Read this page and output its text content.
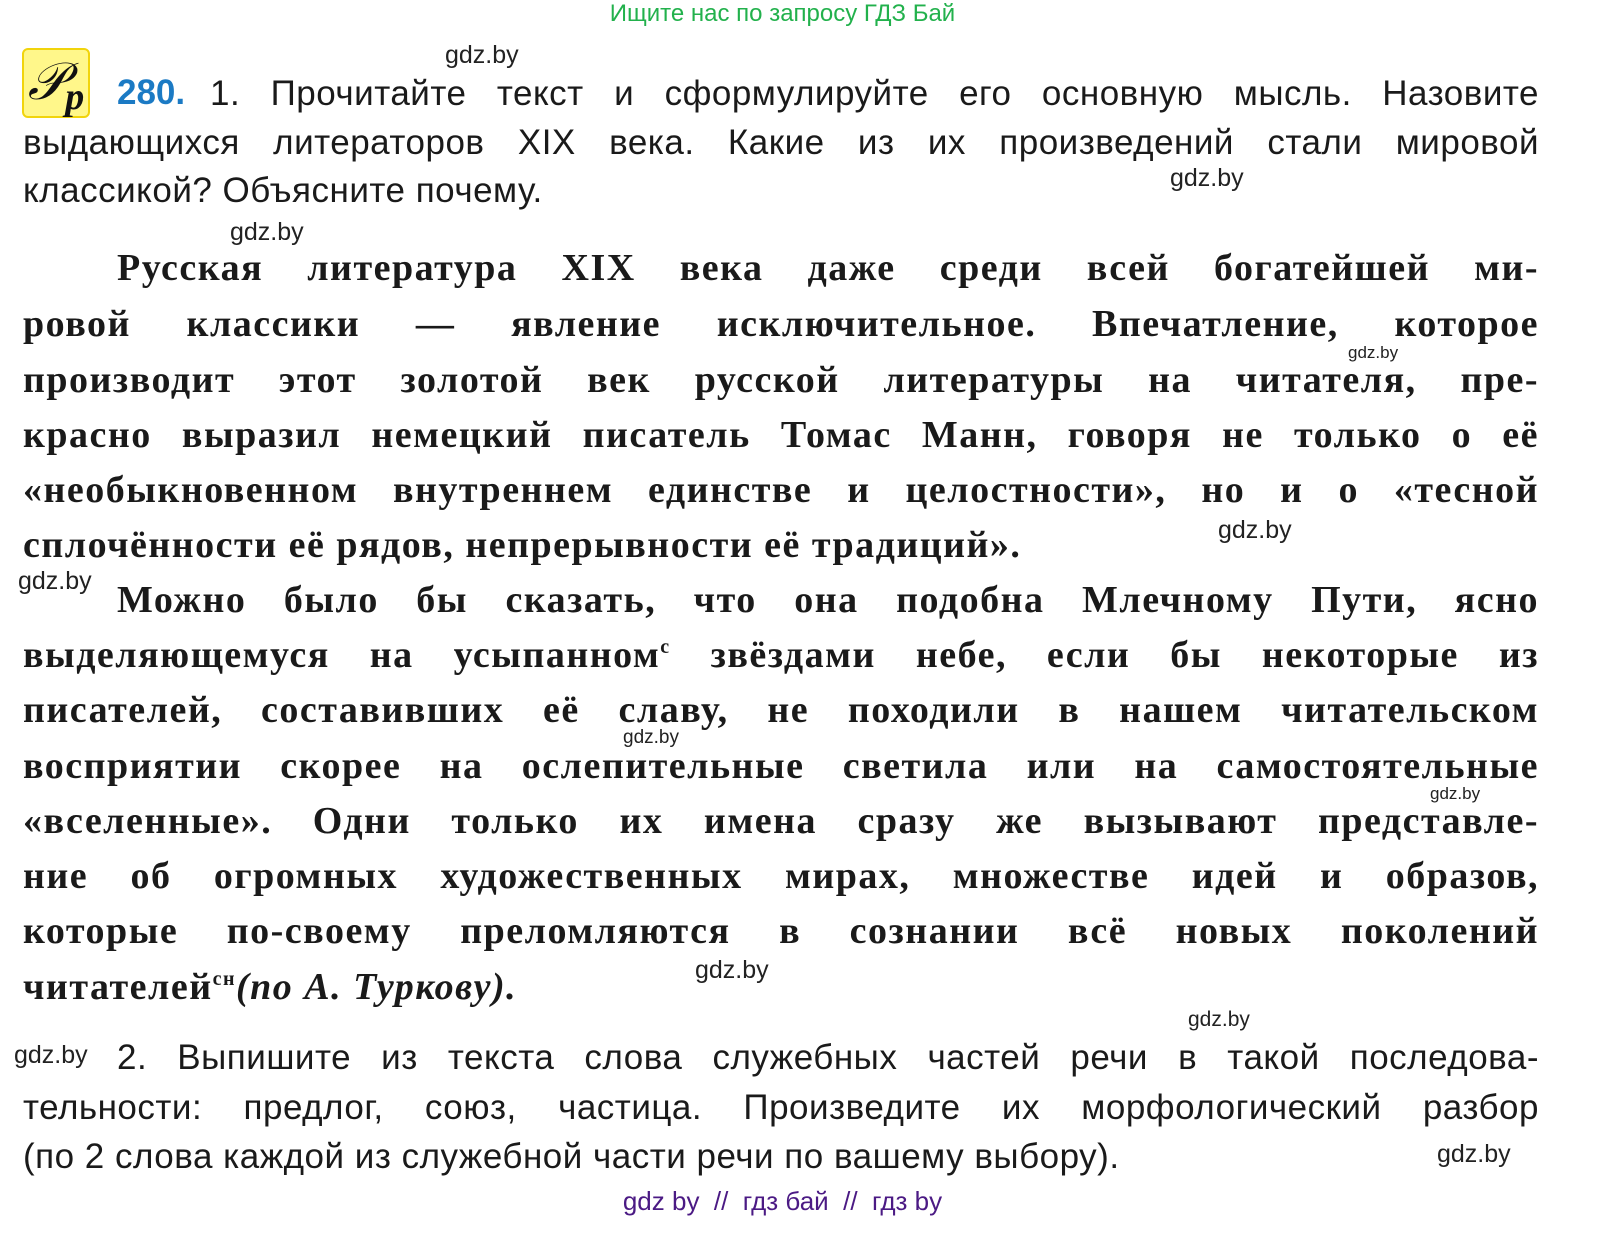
Ищите нас по запросу ГДЗ Бай
𝒫p 280. 1. Прочитайте текст и сформулируйте его основную мысль. Назовите
выдающихся литераторов XIX века. Какие из их произведений стали мировой
классикой? Объясните почему.
Русская литература XIX века даже среди всей богатейшей ми-
ровой классики — явление исключительное. Впечатление, которое
производит этот золотой век русской литературы на читателя, пре-
красно выразил немецкий писатель Томас Манн, говоря не только о её
«необыкновенном внутреннем единстве и целостности», но и о «тесной
сплочённости её рядов, непрерывности её традиций».
Можно было бы сказать, что она подобна Млечному Пути, ясно
выделяющемуся на усыпанном$^с$ звёздами небе, если бы некоторые из
писателей, составивших её славу, не походили в нашем читательском
восприятии скорее на ослепительные светила или на самостоятельные
«вселенные». Одни только их имена сразу же вызывают представле-
ние об огромных художественных мирах, множестве идей и образов,
которые по-своему преломляются в сознании всё новых поколений
читателей$^{сн}$(по А. Туркову).
2. Выпишите из текста слова служебных частей речи в такой последова-
тельности: предлог, союз, частица. Произведите их морфологический разбор
(по 2 слова каждой из служебной части речи по вашему выбору).
gdz.by
gdz.by
gdz.by
gdz.by
gdz.by
gdz.by
gdz.by
gdz.by
gdz.by
gdz.by
gdz.by
gdz.by
gdz by  //  гдз бай  //  гдз by
